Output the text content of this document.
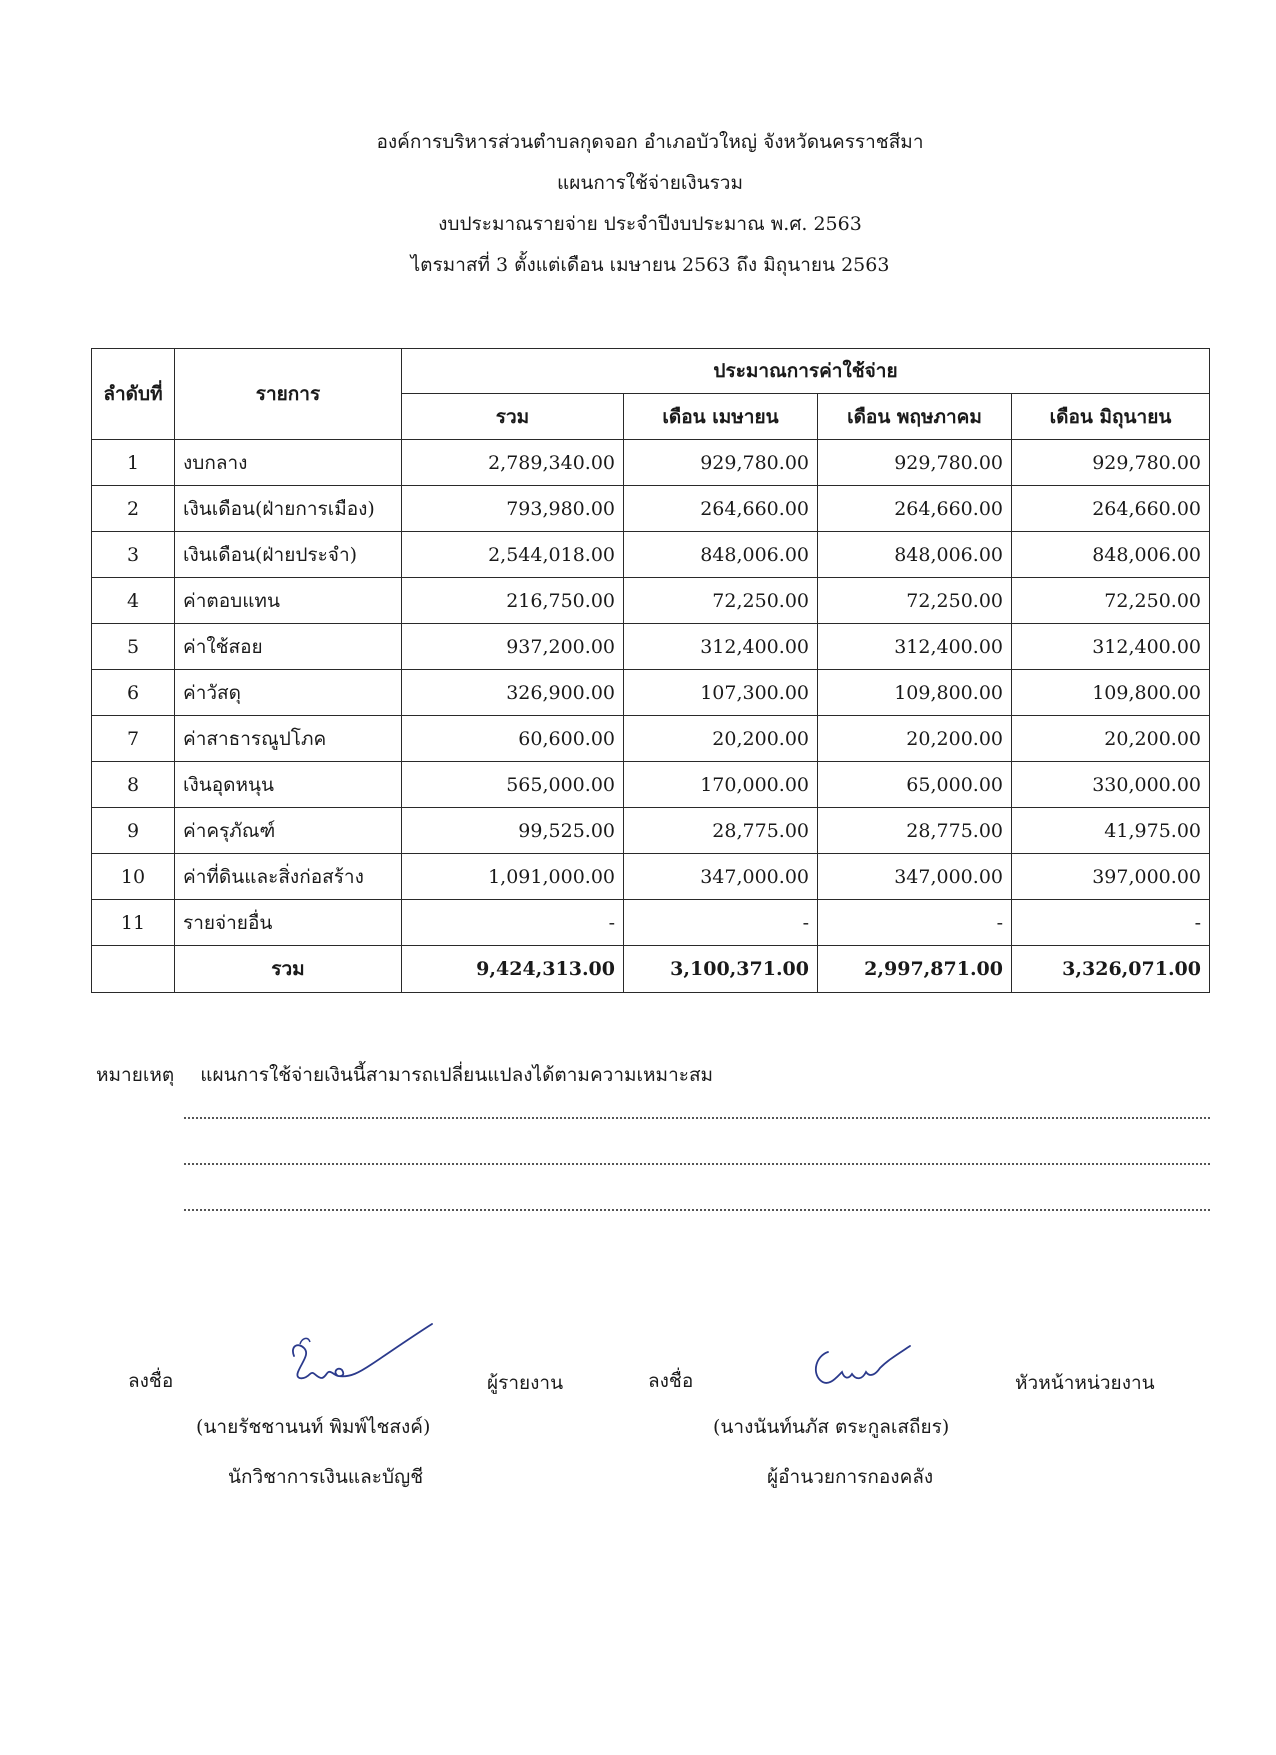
องค์การบริหารส่วนตำบลกุดจอก อำเภอบัวใหญ่ จังหวัดนครราชสีมา
แผนการใช้จ่ายเงินรวม
งบประมาณรายจ่าย ประจำปีงบประมาณ พ.ศ. 2563
ไตรมาสที่ 3 ตั้งแต่เดือน เมษายน 2563 ถึง มิถุนายน 2563
ลำดับที่	รายการ	ประมาณการค่าใช้จ่าย			
		รวม	เดือน เมษายน	เดือน พฤษภาคม	เดือน มิถุนายน
1	งบกลาง	2,789,340.00	929,780.00	929,780.00	929,780.00
2	เงินเดือน(ฝ่ายการเมือง)	793,980.00	264,660.00	264,660.00	264,660.00
3	เงินเดือน(ฝ่ายประจำ)	2,544,018.00	848,006.00	848,006.00	848,006.00
4	ค่าตอบแทน	216,750.00	72,250.00	72,250.00	72,250.00
5	ค่าใช้สอย	937,200.00	312,400.00	312,400.00	312,400.00
6	ค่าวัสดุ	326,900.00	107,300.00	109,800.00	109,800.00
7	ค่าสาธารณูปโภค	60,600.00	20,200.00	20,200.00	20,200.00
8	เงินอุดหนุน	565,000.00	170,000.00	65,000.00	330,000.00
9	ค่าครุภัณฑ์	99,525.00	28,775.00	28,775.00	41,975.00
10	ค่าที่ดินและสิ่งก่อสร้าง	1,091,000.00	347,000.00	347,000.00	397,000.00
11	รายจ่ายอื่น	-	-	-	-
	รวม	9,424,313.00	3,100,371.00	2,997,871.00	3,326,071.00
หมายเหตุ แผนการใช้จ่ายเงินนี้สามารถเปลี่ยนแปลงได้ตามความเหมาะสม
ลงชื่อ	ผู้รายงาน
(นายรัชชานนท์ พิมพ์ไชสงค์)
นักวิชาการเงินและบัญชี
ลงชื่อ	หัวหน้าหน่วยงาน
(นางนันท์นภัส ตระกูลเสถียร)
ผู้อำนวยการกองคลัง
